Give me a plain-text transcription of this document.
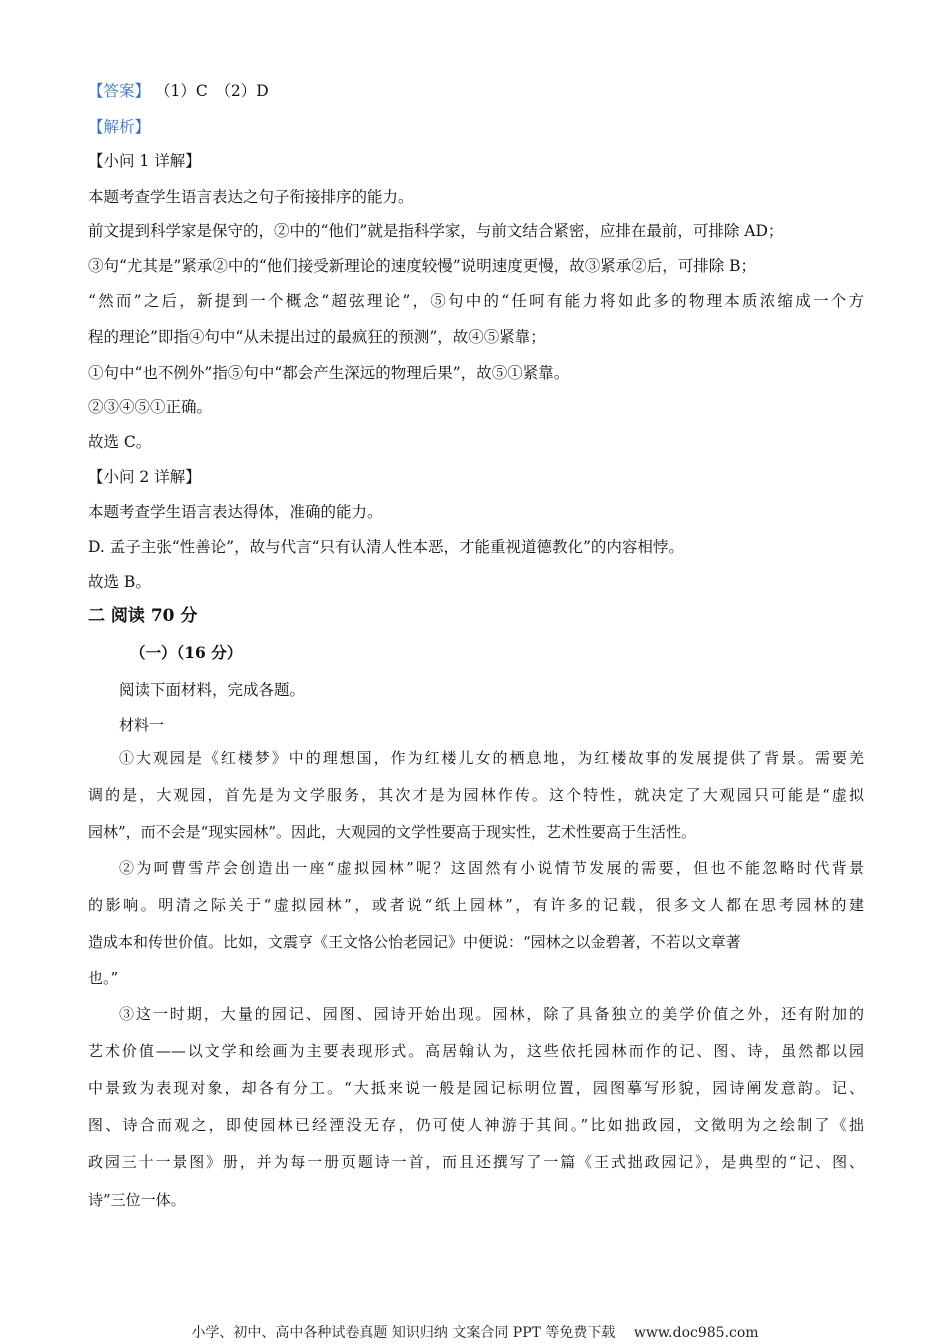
【答案】 （1）C　（2）D
【解析】
【小问 1 详解】
本题考查学生语言表达之句子衔接排序的能力。
前文提到科学家是保守的，②中的“他们”就是指科学家，与前文结合紧密，应排在最前，可排除 AD；
③句“尤其是”紧承②中的“他们接受新理论的速度较慢”说明速度更慢，故③紧承②后，可排除 B；
“然而”之后，新提到一个概念“超弦理论”，⑤句中的“任呵有能力将如此多的物理本质浓缩成一个方
程的理论”即指④句中“从未提出过的最疯狂的预测”，故④⑤紧靠；
①句中“也不例外”指⑤句中“都会产生深远的物理后果”，故⑤①紧靠。
②③④⑤①正确。
故选 C。
【小问 2 详解】
本题考查学生语言表达得体，准确的能力。
D. 孟子主张“性善论”，故与代言“只有认清人性本恶，才能重视道德教化”的内容相悖。
故选 B。
二 阅读 70 分
（一）（16 分）
阅读下面材料，完成各题。
材料一
①大观园是《红楼梦》中的理想国，作为红楼儿女的栖息地，为红楼故事的发展提供了背景。需要羌
调的是，大观园，首先是为文学服务，其次才是为园林作传。这个特性，就决定了大观园只可能是“虚拟
园林”，而不会是“现实园林”。因此，大观园的文学性要高于现实性，艺术性要高于生活性。
②为呵曹雪芹会创造出一座“虚拟园林”呢？这固然有小说情节发展的需要，但也不能忽略时代背景
的影响。明清之际关于“虚拟园林”，或者说“纸上园林”，有许多的记载，很多文人都在思考园林的建
造成本和传世价值。比如，文震亨《王文恪公怡老园记》中便说：“园林之以金碧著，不若以文章著
也。”
③这一时期，大量的园记、园图、园诗开始出现。园林，除了具备独立的美学价值之外，还有附加的
艺术价值——以文学和绘画为主要表现形式。高居翰认为，这些依托园林而作的记、图、诗，虽然都以园
中景致为表现对象，却各有分工。“大抵来说一般是园记标明位置，园图摹写形貌，园诗阐发意韵。记、
图、诗合而观之，即使园林已经湮没无存，仍可使人神游于其间。”比如拙政园，文徵明为之绘制了《拙
政园三十一景图》册，并为每一册页题诗一首，而且还撰写了一篇《王式拙政园记》，是典型的“记、图、
诗”三位一体。
小学、初中、高中各种试卷真题 知识归纳 文案合同 PPT 等免费下载　 www.doc985.com
